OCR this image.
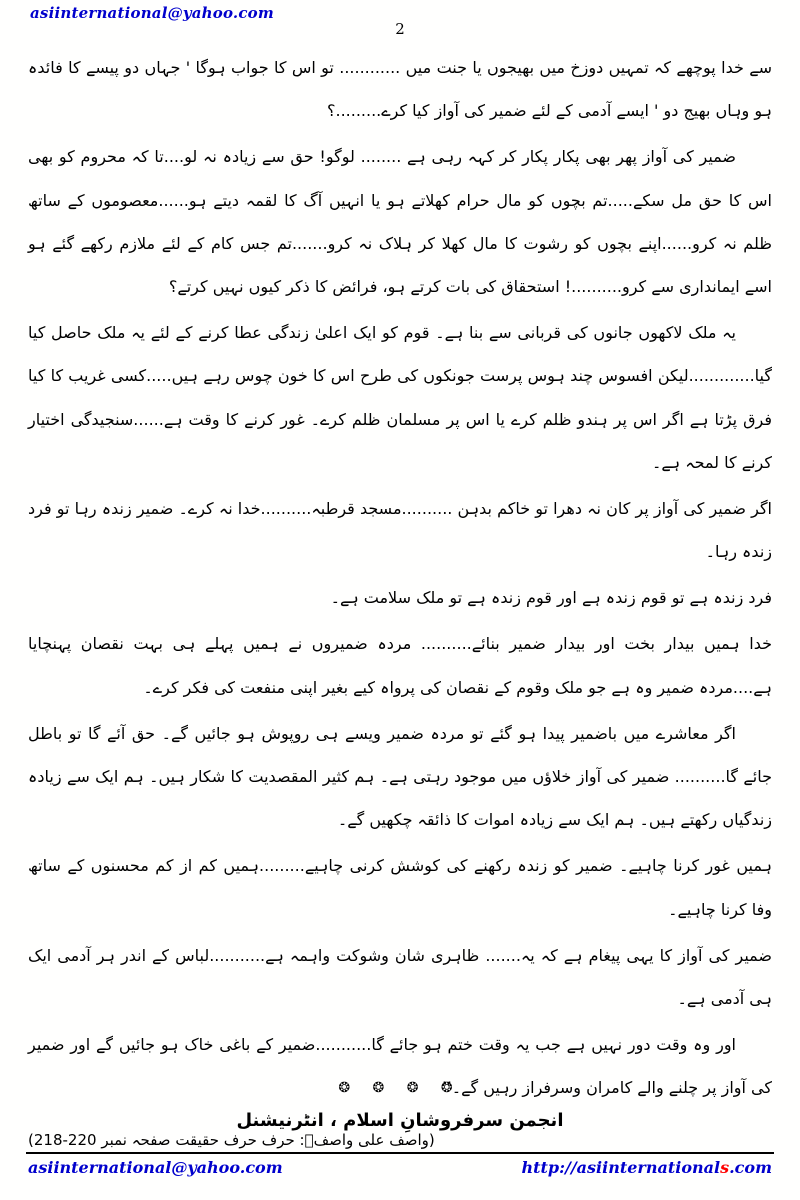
asiinternational@yahoo.com
2

سے خدا پوچھے کہ تمہیں دوزخ میں بھیجوں یا جنت میں ............ تو اس کا جواب ہوگا ' جہاں دو پیسے کا فائدہ ہو وہاں بھیج دو ' ایسے آدمی کے لئے ضمیر کی آواز کیا کرے.........؟

ضمیر کی آواز پھر بھی پکار پکار کر کہہ رہی ہے ........ لوگو! حق سے زیادہ نہ لو....تا کہ محروم کو بھی اس کا حق مل سکے.....تم بچوں کو مال حرام کھلاتے ہو یا انہیں آگ کا لقمہ دیتے ہو......معصوموں کے ساتھ ظلم نہ کرو......اپنے بچوں کو رشوت کا مال کھلا کر ہلاک نہ کرو.......تم جس کام کے لئے ملازم رکھے گئے ہو اسے ایمانداری سے کرو..........! استحقاق کی بات کرتے ہو، فرائض کا ذکر کیوں نہیں کرتے؟

یہ ملک لاکھوں جانوں کی قربانی سے بنا ہے۔ قوم کو ایک اعلیٰ زندگی عطا کرنے کے لئے یہ ملک حاصل کیا گیا.............لیکن افسوس چند ہوس پرست جونکوں کی طرح اس کا خون چوس رہے ہیں.....کسی غریب کا کیا فرق پڑتا ہے اگر اس پر ہندو ظلم کرے یا اس پر مسلمان ظلم کرے۔ غور کرنے کا وقت ہے......سنجیدگی اختیار کرنے کا لمحہ ہے۔

اگر ضمیر کی آواز پر کان نہ دھرا تو خاکم بدہن ..........مسجد قرطبہ..........خدا نہ کرے۔ ضمیر زندہ رہا تو فرد زندہ رہا۔

فرد زندہ ہے تو قوم زندہ ہے اور قوم زندہ ہے تو ملک سلامت ہے۔

خدا ہمیں بیدار بخت اور بیدار ضمیر بنائے.......... مردہ ضمیروں نے ہمیں پہلے ہی بہت نقصان پہنچایا ہے....مردہ ضمیر وہ ہے جو ملک وقوم کے نقصان کی پرواہ کیے بغیر اپنی منفعت کی فکر کرے۔

اگر معاشرے میں باضمیر پیدا ہو گئے تو مردہ ضمیر ویسے ہی روپوش ہو جائیں گے۔ حق آئے گا تو باطل جائے گا.......... ضمیر کی آواز خلاؤں میں موجود رہتی ہے۔ ہم کثیر المقصدیت کا شکار ہیں۔ ہم ایک سے زیادہ زندگیاں رکھتے ہیں۔ ہم ایک سے زیادہ اموات کا ذائقہ چکھیں گے۔

ہمیں غور کرنا چاہیے۔ ضمیر کو زندہ رکھنے کی کوشش کرنی چاہیے.........ہمیں کم از کم محسنوں کے ساتھ وفا کرنا چاہیے۔

ضمیر کی آواز کا یہی پیغام ہے کہ یہ....... ظاہری شان وشوکت واہمہ ہے...........لباس کے اندر ہر آدمی ایک ہی آدمی ہے۔

اور وہ وقت دور نہیں ہے جب یہ وقت ختم ہو جائے گا...........ضمیر کے باغی خاک ہو جائیں گے اور ضمیر کی آواز پر چلنے والے کامران وسرفراز رہیں گے۔’’

(واصف علی واصفؒ: حرف حرف حقیقت صفحہ نمبر 220-218)

❂ ❂ ❂ ❂
انجمن سرفروشانِ اسلام ، انٹرنیشنل
asiinternational@yahoo.com	http://asiinternationals.com
